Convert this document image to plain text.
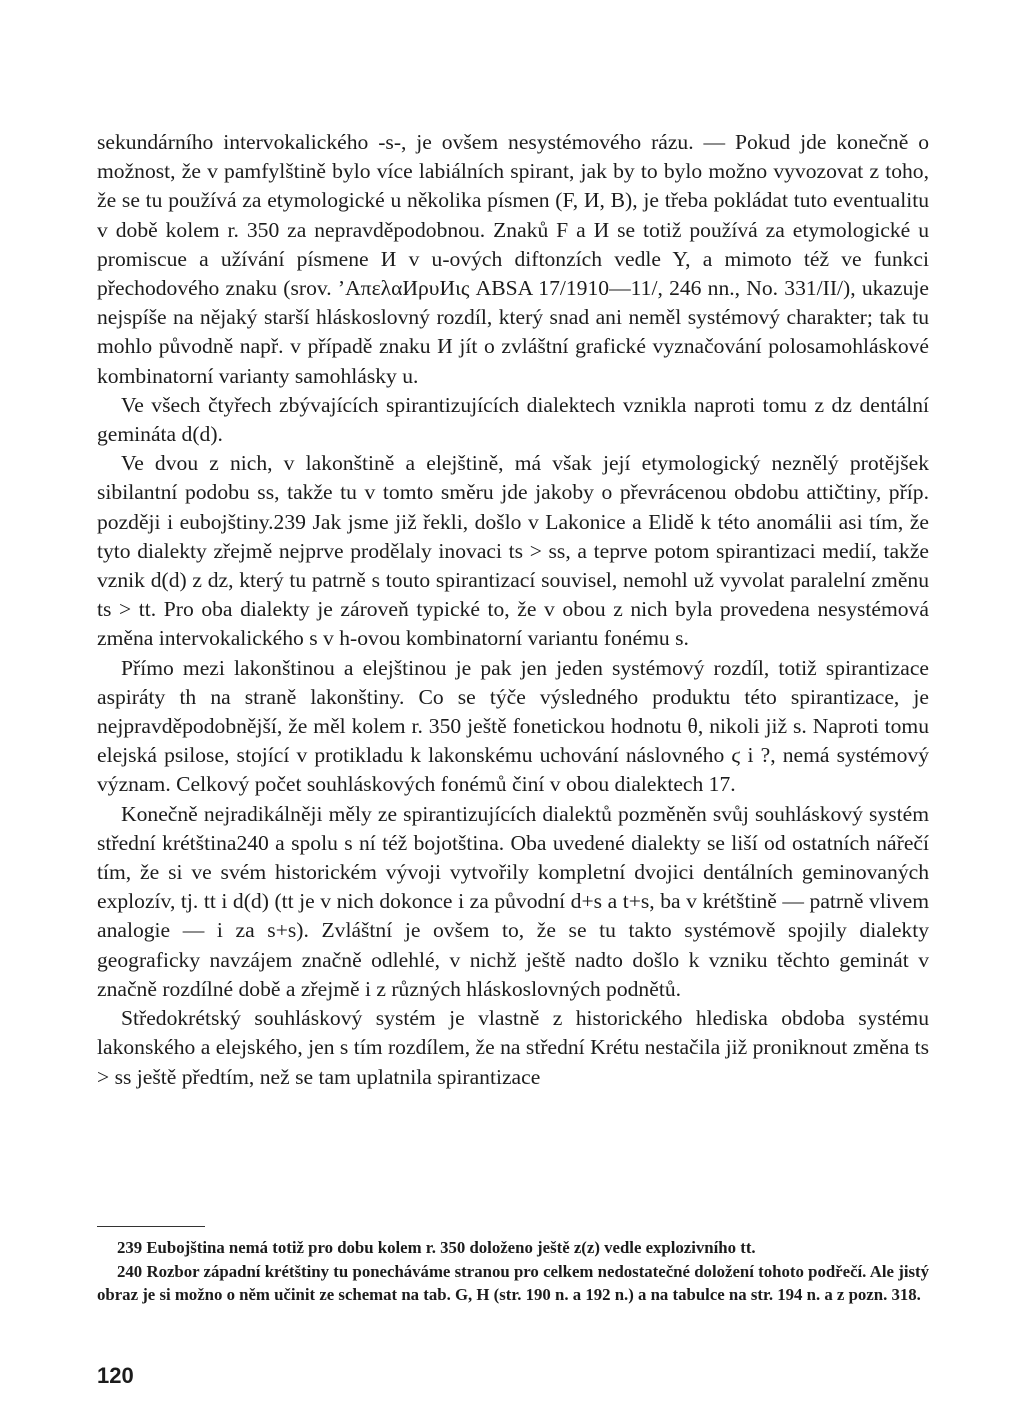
sekundárního intervokalického -s-, je ovšem nesystémového rázu. — Pokud jde konečně o možnost, že v pamfylštině bylo více labiálních spirant, jak by to bylo možno vyvozovat z toho, že se tu používá za etymologické u několika písmen (F, И, B), je třeba pokládat tuto eventualitu v době kolem r. 350 za nepravděpodobnou. Znaků F a И se totiž používá za etymologické u promiscue a užívání písmene И v u-ových diftonzích vedle Y, a mimoto též ve funkci přechodového znaku (srov. ’ΑπελαИρυИις ABSA 17/1910—11/, 246 nn., No. 331/II/), ukazuje nejspíše na nějaký starší hláskoslovný rozdíl, který snad ani neměl systémový charakter; tak tu mohlo původně např. v případě znaku И jít o zvláštní grafické vyznačování polosamohláskové kombinatorní varianty samohlásky u.

Ve všech čtyřech zbývajících spirantizujících dialektech vznikla naproti tomu z dz dentální gemináta d(d).

Ve dvou z nich, v lakonštině a elejštině, má však její etymologický neznělý protějšek sibilantní podobu ss, takže tu v tomto směru jde jakoby o převrácenou obdobu attičtiny, příp. později i eubojštiny.239 Jak jsme již řekli, došlo v Lakonice a Elidě k této anomálii asi tím, že tyto dialekty zřejmě nejprve prodělaly inovaci ts > ss, a teprve potom spirantizaci medií, takže vznik d(d) z dz, který tu patrně s touto spirantizací souvisel, nemohl už vyvolat paralelní změnu ts > tt. Pro oba dialekty je zároveň typické to, že v obou z nich byla provedena nesystémová změna intervokalického s v h-ovou kombinatorní variantu fonému s.

Přímo mezi lakonštinou a elejštinou je pak jen jeden systémový rozdíl, totiž spirantizace aspiráty th na straně lakonštiny. Co se týče výsledného produktu této spirantizace, je nejpravděpodobnější, že měl kolem r. 350 ještě fonetickou hodnotu θ, nikoli již s. Naproti tomu elejská psilose, stojící v protikladu k lakonskému uchování náslovného ϛ i ?, nemá systémový význam. Celkový počet souhláskových fonémů činí v obou dialektech 17.

Konečně nejradikálněji měly ze spirantizujících dialektů pozměněn svůj souhláskový systém střední krétština240 a spolu s ní též bojotština. Oba uvedené dialekty se liší od ostatních nářečí tím, že si ve svém historickém vývoji vytvořily kompletní dvojici dentálních geminovaných explozív, tj. tt i d(d) (tt je v nich dokonce i za původní d+s a t+s, ba v krétštině — patrně vlivem analogie — i za s+s). Zvláštní je ovšem to, že se tu takto systémově spojily dialekty geograficky navzájem značně odlehlé, v nichž ještě nadto došlo k vzniku těchto geminát v značně rozdílné době a zřejmě i z různých hláskoslovných podnětů.

Středokrétský souhláskový systém je vlastně z historického hlediska obdoba systému lakonského a elejského, jen s tím rozdílem, že na střední Krétu nestačila již proniknout změna ts > ss ještě předtím, než se tam uplatnila spirantizace

239 Eubojština nemá totiž pro dobu kolem r. 350 doloženo ještě z(z) vedle explozivního tt.

240 Rozbor západní krétštiny tu ponecháváme stranou pro celkem nedostatečné doložení tohoto podřečí. Ale jistý obraz je si možno o něm učinit ze schemat na tab. G, H (str. 190 n. a 192 n.) a na tabulce na str. 194 n. a z pozn. 318.

120
